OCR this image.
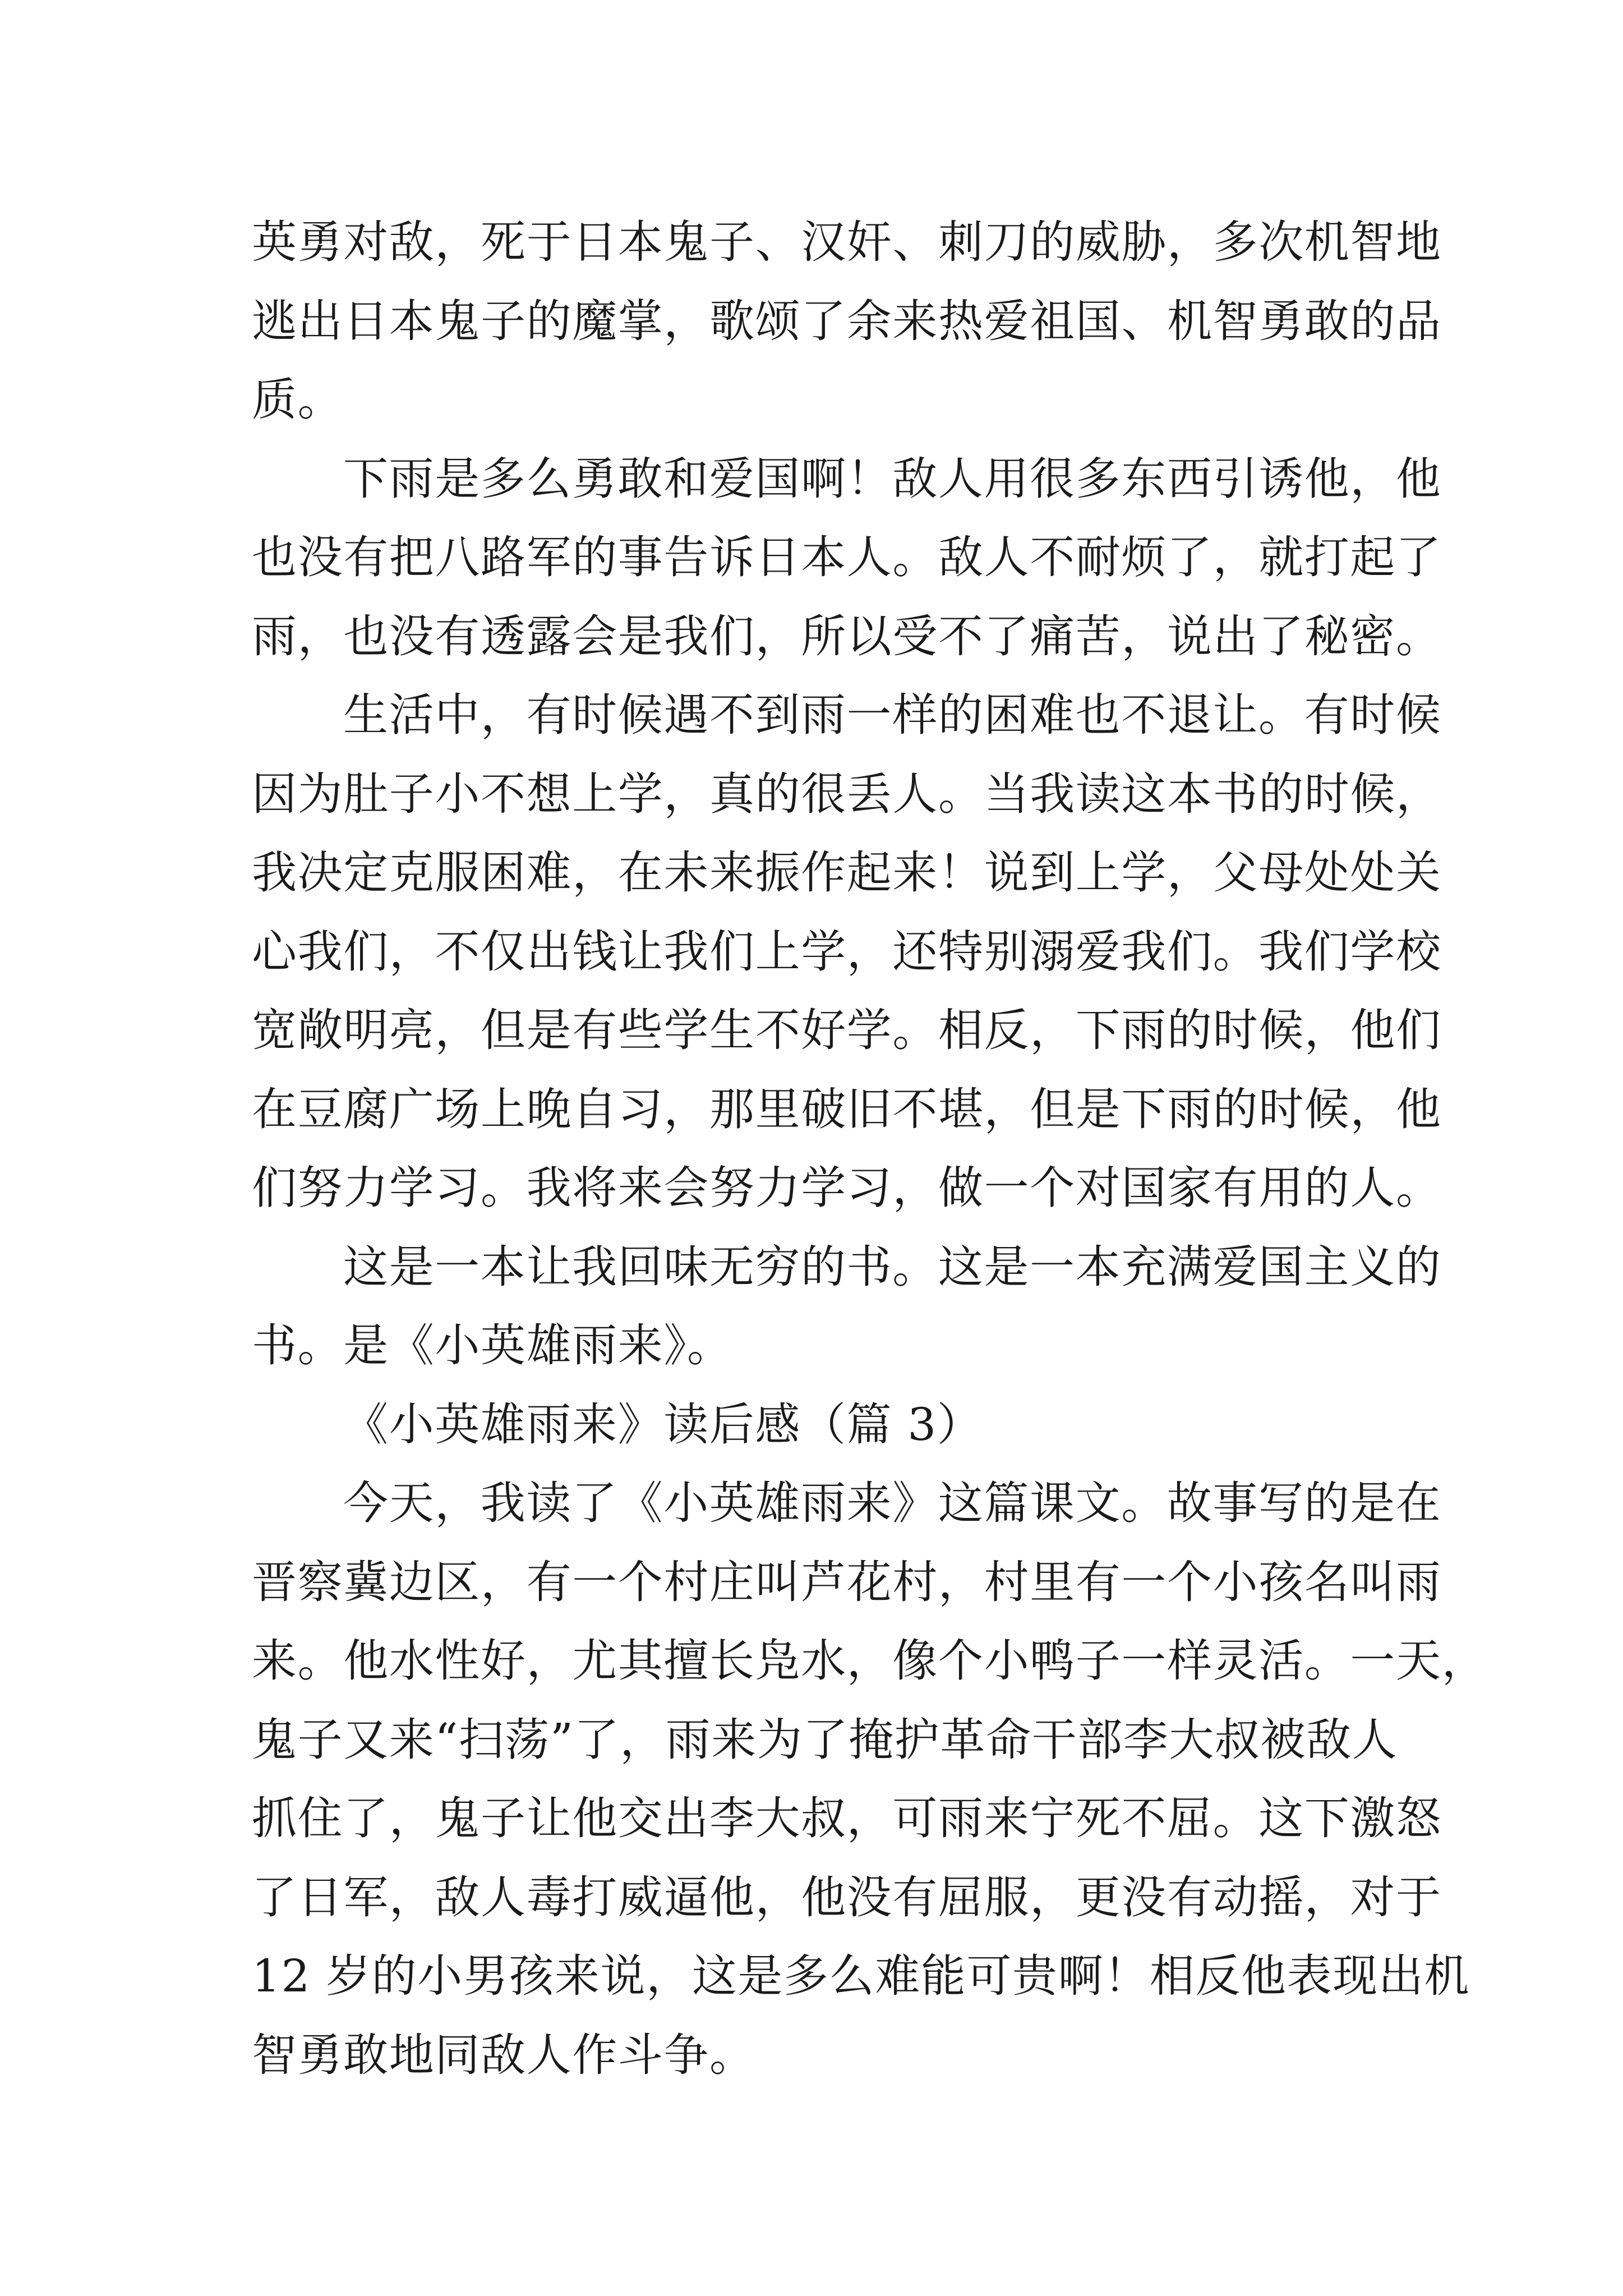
英勇对敌，死于日本鬼子、汉奸、刺刀的威胁，多次机智地

逃出日本鬼子的魔掌，歌颂了余来热爱祖国、机智勇敢的品

质。

下雨是多么勇敢和爱国啊！敌人用很多东西引诱他，他

也没有把八路军的事告诉日本人。敌人不耐烦了，就打起了

雨，也没有透露会是我们，所以受不了痛苦，说出了秘密。

生活中，有时候遇不到雨一样的困难也不退让。有时候

因为肚子小不想上学，真的很丢人。当我读这本书的时候，

我决定克服困难，在未来振作起来！说到上学，父母处处关

心我们，不仅出钱让我们上学，还特别溺爱我们。我们学校

宽敞明亮，但是有些学生不好学。相反，下雨的时候，他们

在豆腐广场上晚自习，那里破旧不堪，但是下雨的时候，他

们努力学习。我将来会努力学习，做一个对国家有用的人。

这是一本让我回味无穷的书。这是一本充满爱国主义的

书。是《小英雄雨来》。

《小英雄雨来》读后感（篇 3）

今天，我读了《小英雄雨来》这篇课文。故事写的是在

晋察冀边区，有一个村庄叫芦花村，村里有一个小孩名叫雨

来。他水性好，尤其擅长凫水，像个小鸭子一样灵活。一天，

鬼子又来“扫荡”了，雨来为了掩护革命干部李大叔被敌人

抓住了，鬼子让他交出李大叔，可雨来宁死不屈。这下激怒

了日军，敌人毒打威逼他，他没有屈服，更没有动摇，对于

12 岁的小男孩来说，这是多么难能可贵啊！相反他表现出机

智勇敢地同敌人作斗争。
